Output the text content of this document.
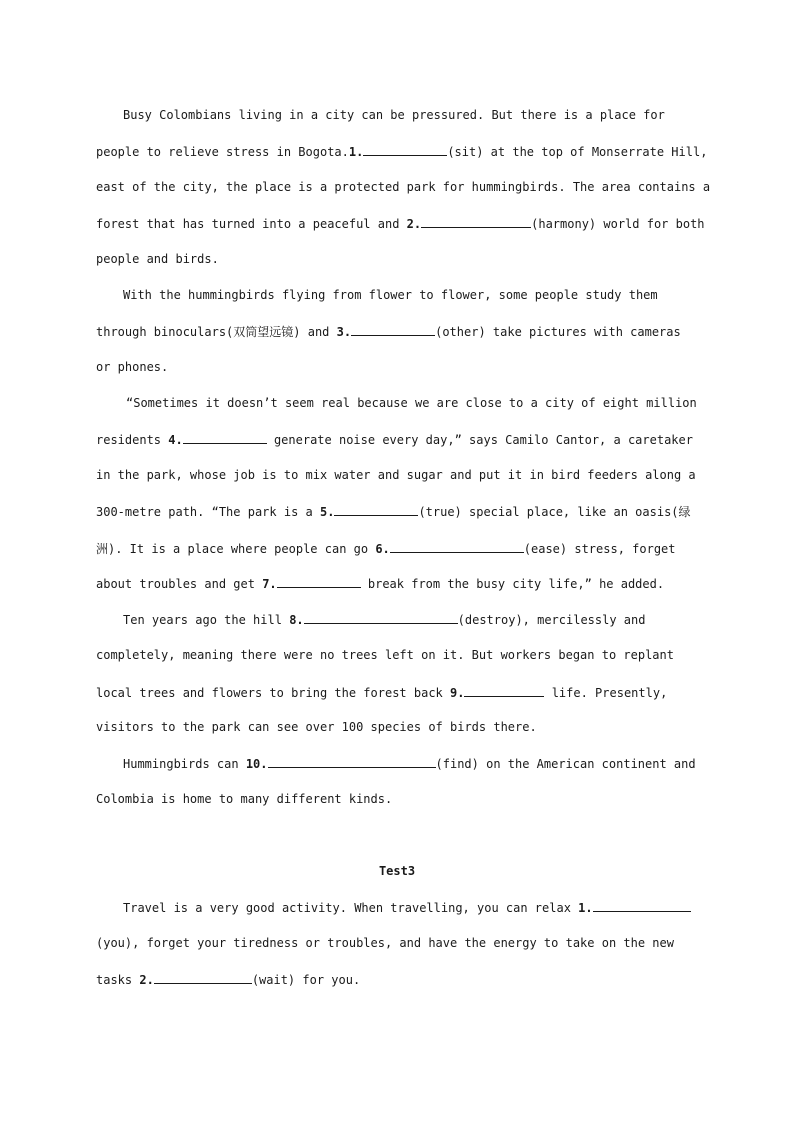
Busy Colombians living in a city can be pressured. But there is a place for
people to relieve stress in Bogota.1.	(sit) at the top of Monserrate Hill,
east of the city, the place is a protected park for hummingbirds. The area contains a
forest that has turned into a peaceful and 2.	(harmony) world for both
people and birds.
With the hummingbirds flying from flower to flower, some people study them
through binoculars(双筒望远镜) and 3.	(other) take pictures with cameras
or phones.
“Sometimes it doesn’t seem real because we are close to a city of eight million
residents 4.	generate noise every day,” says Camilo Cantor, a caretaker
in the park, whose job is to mix water and sugar and put it in bird feeders along a
300-metre path. “The park is a 5.	(true) special place, like an oasis(绿
洲). It is a place where people can go 6.	(ease) stress, forget
about troubles and get 7.	break from the busy city life,” he added.
Ten years ago the hill 8.	(destroy), mercilessly and
completely, meaning there were no trees left on it. But workers began to replant
local trees and flowers to bring the forest back 9.	life. Presently,
visitors to the park can see over 100 species of birds there.
Hummingbirds can 10.	(find) on the American continent and
Colombia is home to many different kinds.
Test3
Travel is a very good activity. When travelling, you can relax 1.
(you), forget your tiredness or troubles, and have the energy to take on the new
tasks 2.	(wait) for you.
